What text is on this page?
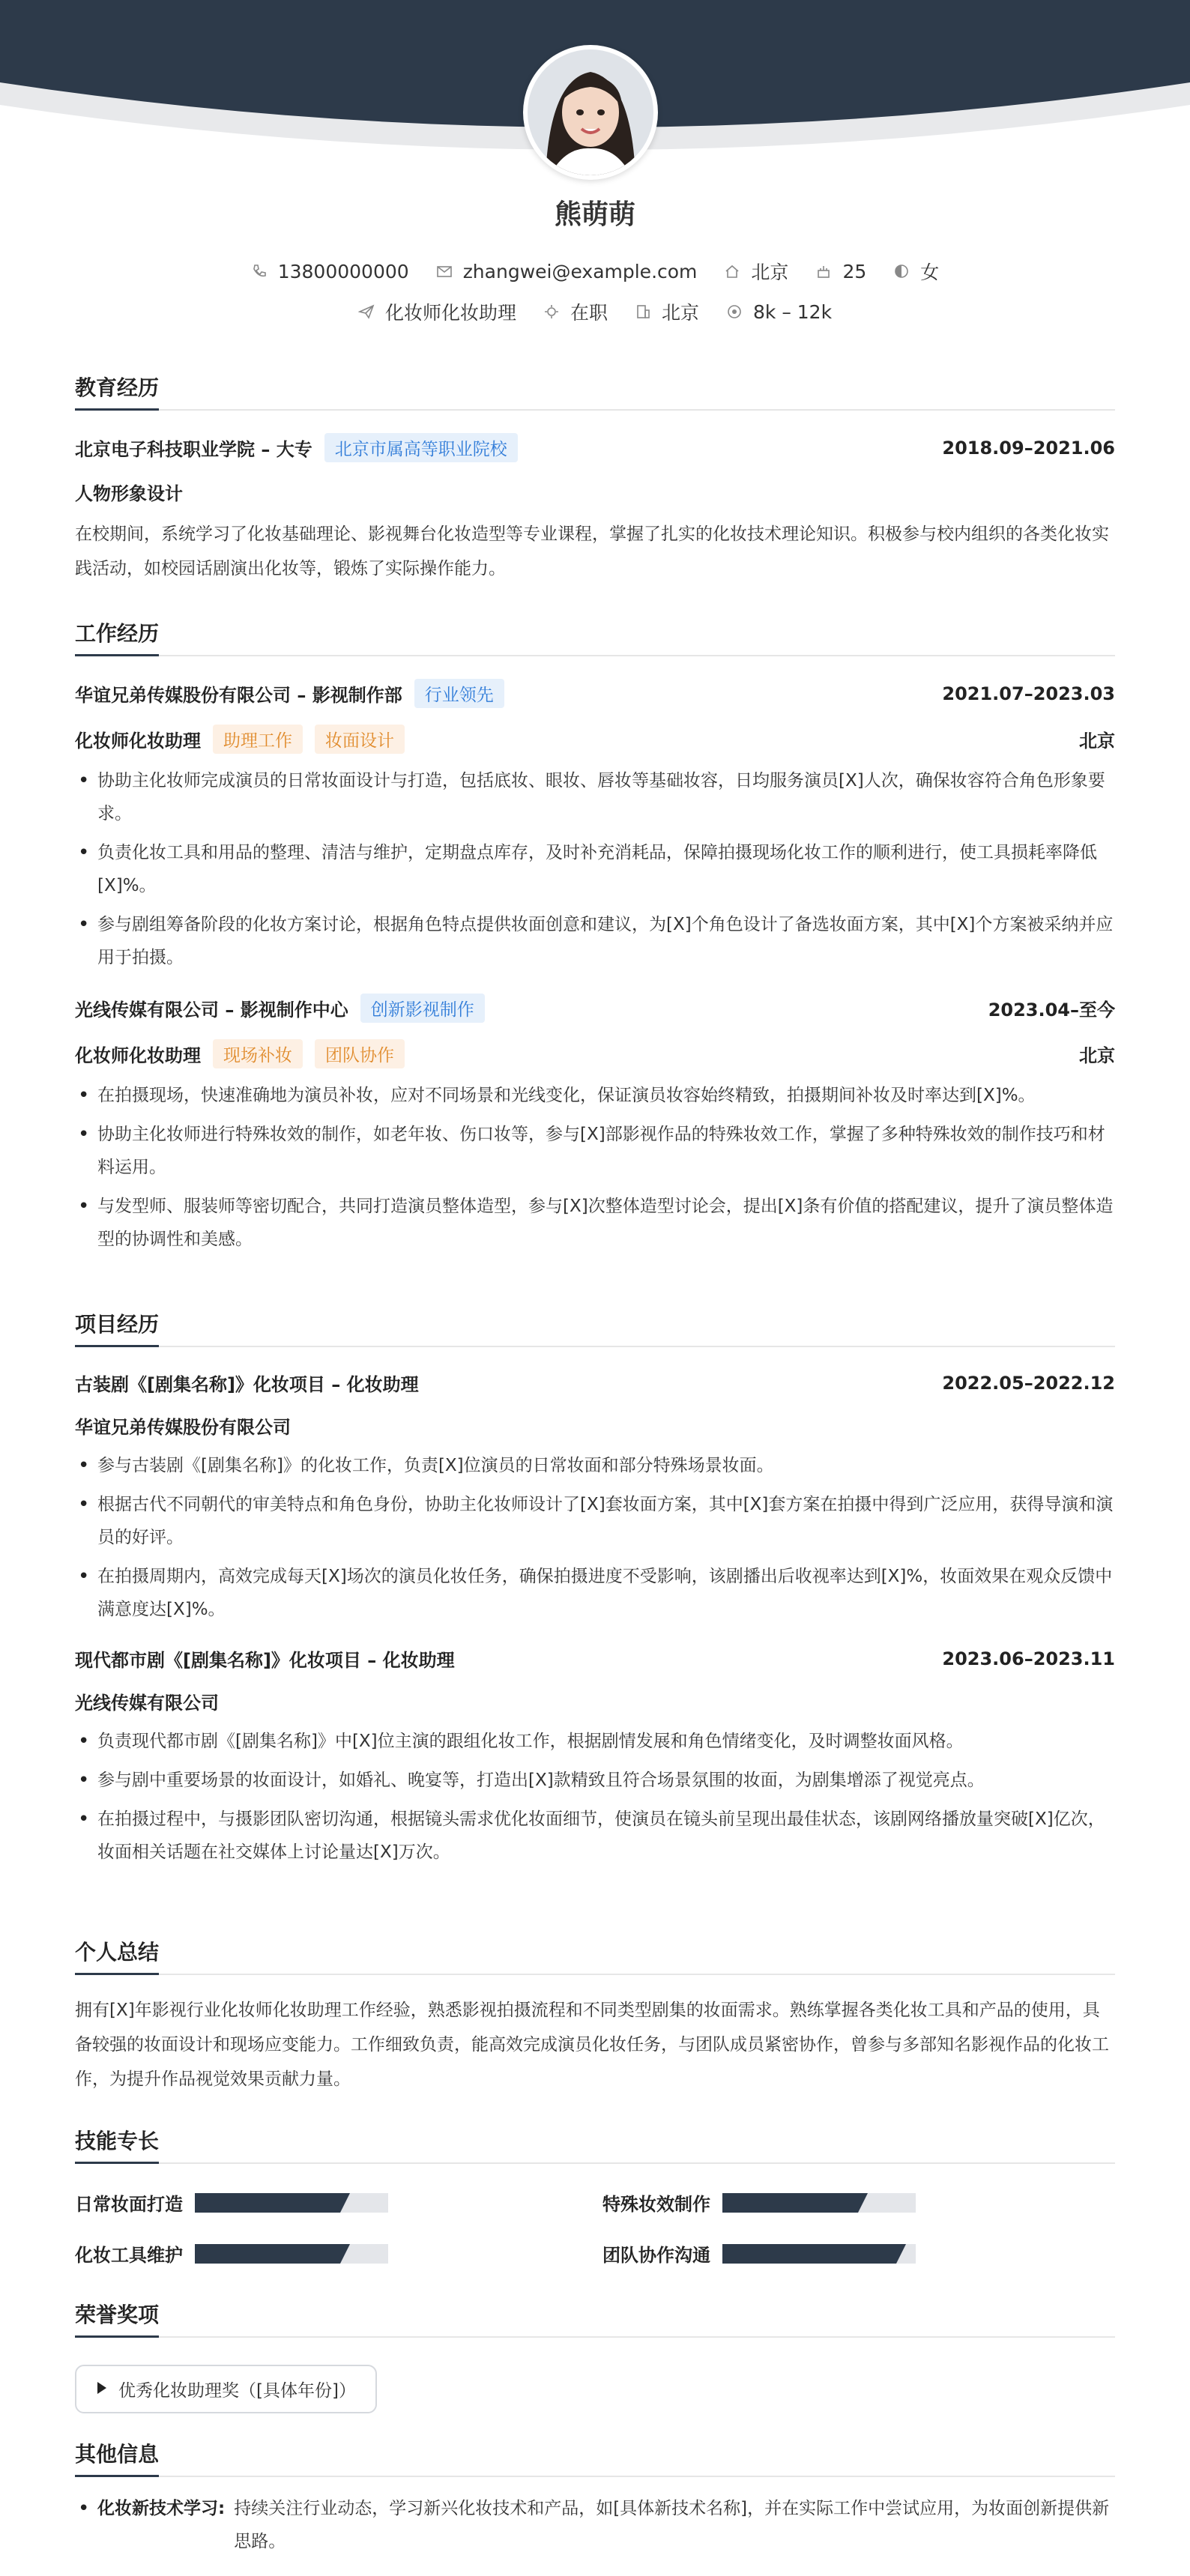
熊萌萌
13800000000	zhangwei@example.com	北京	25	女
化妆师化妆助理	在职	北京	8k – 12k
教育经历
北京电子科技职业学院 – 大专	北京市属高等职业院校	2018.09–2021.06
人物形象设计
在校期间，系统学习了化妆基础理论、影视舞台化妆造型等专业课程，掌握了扎实的化妆技术理论知识。积极参与校内组织的各类化妆实践活动，如校园话剧演出化妆等，锻炼了实际操作能力。
工作经历
华谊兄弟传媒股份有限公司 – 影视制作部	行业领先	2021.07–2023.03
化妆师化妆助理	助理工作	妆面设计	北京
• 协助主化妆师完成演员的日常妆面设计与打造，包括底妆、眼妆、唇妆等基础妆容，日均服务演员[X]人次，确保妆容符合角色形象要求。
• 负责化妆工具和用品的整理、清洁与维护，定期盘点库存，及时补充消耗品，保障拍摄现场化妆工作的顺利进行，使工具损耗率降低[X]%。
• 参与剧组筹备阶段的化妆方案讨论，根据角色特点提供妆面创意和建议，为[X]个角色设计了备选妆面方案，其中[X]个方案被采纳并应用于拍摄。
光线传媒有限公司 – 影视制作中心	创新影视制作	2023.04–至今
化妆师化妆助理	现场补妆	团队协作	北京
• 在拍摄现场，快速准确地为演员补妆，应对不同场景和光线变化，保证演员妆容始终精致，拍摄期间补妆及时率达到[X]%。
• 协助主化妆师进行特殊妆效的制作，如老年妆、伤口妆等，参与[X]部影视作品的特殊妆效工作，掌握了多种特殊妆效的制作技巧和材料运用。
• 与发型师、服装师等密切配合，共同打造演员整体造型，参与[X]次整体造型讨论会，提出[X]条有价值的搭配建议，提升了演员整体造型的协调性和美感。
项目经历
古装剧《[剧集名称]》化妆项目 – 化妆助理	2022.05–2022.12
华谊兄弟传媒股份有限公司
• 参与古装剧《[剧集名称]》的化妆工作，负责[X]位演员的日常妆面和部分特殊场景妆面。
• 根据古代不同朝代的审美特点和角色身份，协助主化妆师设计了[X]套妆面方案，其中[X]套方案在拍摄中得到广泛应用，获得导演和演员的好评。
• 在拍摄周期内，高效完成每天[X]场次的演员化妆任务，确保拍摄进度不受影响，该剧播出后收视率达到[X]%，妆面效果在观众反馈中满意度达[X]%。
现代都市剧《[剧集名称]》化妆项目 – 化妆助理	2023.06–2023.11
光线传媒有限公司
• 负责现代都市剧《[剧集名称]》中[X]位主演的跟组化妆工作，根据剧情发展和角色情绪变化，及时调整妆面风格。
• 参与剧中重要场景的妆面设计，如婚礼、晚宴等，打造出[X]款精致且符合场景氛围的妆面，为剧集增添了视觉亮点。
• 在拍摄过程中，与摄影团队密切沟通，根据镜头需求优化妆面细节，使演员在镜头前呈现出最佳状态，该剧网络播放量突破[X]亿次，妆面相关话题在社交媒体上讨论量达[X]万次。
个人总结
拥有[X]年影视行业化妆师化妆助理工作经验，熟悉影视拍摄流程和不同类型剧集的妆面需求。熟练掌握各类化妆工具和产品的使用，具备较强的妆面设计和现场应变能力。工作细致负责，能高效完成演员化妆任务，与团队成员紧密协作，曾参与多部知名影视作品的化妆工作，为提升作品视觉效果贡献力量。
技能专长
日常妆面打造	特殊妆效制作
化妆工具维护	团队协作沟通
荣誉奖项
优秀化妆助理奖（[具体年份]）
其他信息
• 化妆新技术学习: 持续关注行业动态，学习新兴化妆技术和产品，如[具体新技术名称]，并在实际工作中尝试应用，为妆面创新提供新思路。
